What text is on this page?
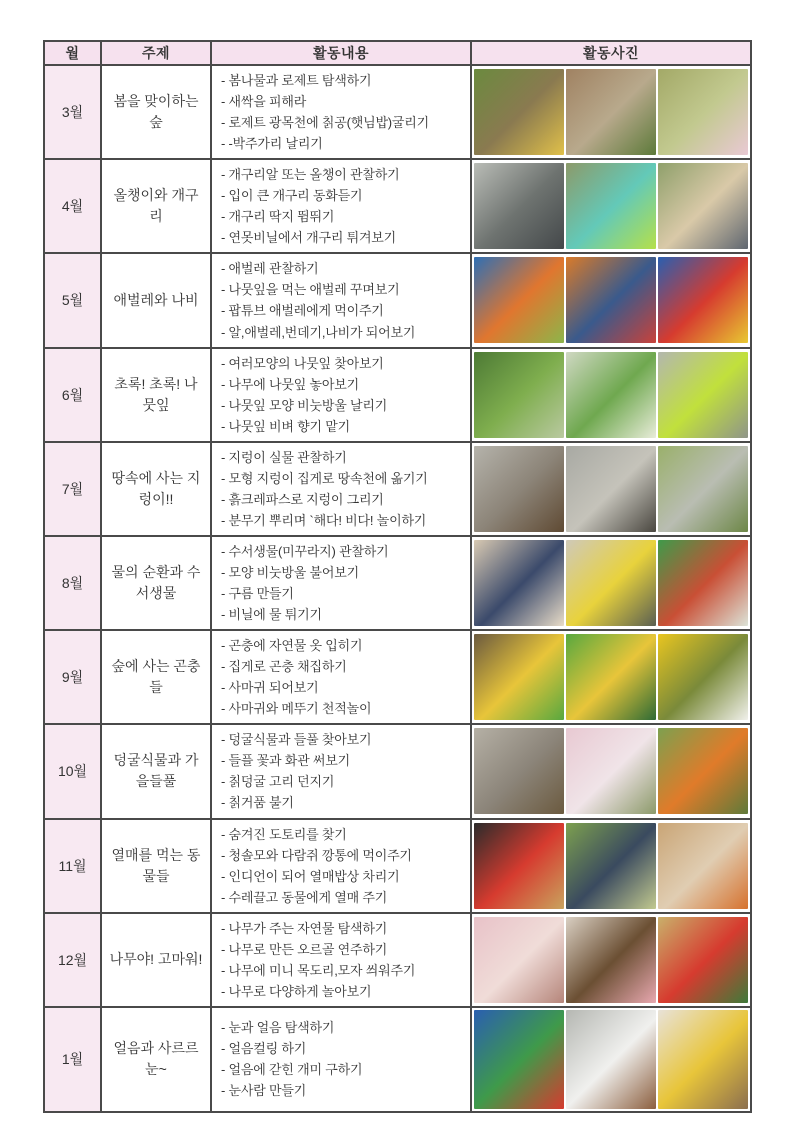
월	주제	활동내용	활동사진
3월	봄을 맞이하는 숲	
- 봄나물과 로제트 탐색하기
- 새싹을 피해라
- 로제트 광목천에 칡공(햇님밥)굴리기
- -박주가리 날리기

4월	올챙이와 개구리	
- 개구리알 또는 올챙이 관찰하기
- 입이 큰 개구리 동화듣기
- 개구리 딱지 뜀뛰기
- 연못비닐에서 개구리 튀겨보기

5월	애벌레와 나비	
- 애벌레 관찰하기
- 나뭇잎을 먹는 애벌레 꾸며보기
- 팝튜브 애벌레에게 먹이주기
- 알,애벌레,번데기,나비가 되어보기

6월	초록! 초록! 나뭇잎	
- 여러모양의 나뭇잎 찾아보기
- 나무에 나뭇잎 놓아보기
- 나뭇잎 모양 비눗방울 날리기
- 나뭇잎 비벼 향기 맡기

7월	땅속에 사는 지렁이!!	
- 지렁이 실물 관찰하기
- 모형 지렁이 집게로 땅속천에 옮기기
- 흙크레파스로 지렁이 그리기
- 분무기 뿌리며 `해다! 비다! 놀이하기

8월	물의 순환과 수서생물	
- 수서생물(미꾸라지) 관찰하기
- 모양 비눗방울 불어보기
- 구름 만들기
- 비닐에 물 튀기기

9월	숲에 사는 곤충들	
- 곤충에 자연물 옷 입히기
- 집게로 곤충 채집하기
- 사마귀 되어보기
- 사마귀와 메뚜기 천적놀이

10월	덩굴식물과 가을들풀	
- 덩굴식물과 들풀 찾아보기
- 들플 꽃과 화관 써보기
- 칡덩굴 고리 던지기
- 칡거품 불기

11월	열매를 먹는 동물들	
- 숨겨진 도토리를 찾기
- 청솔모와 다람쥐 깡통에 먹이주기
- 인디언이 되어 열매밥상 차리기
- 수레끌고 동물에게 열매 주기

12월	나무야! 고마워!	
- 나무가 주는 자연물 탐색하기
- 나무로 만든 오르골 연주하기
- 나무에 미니 목도리,모자 씌워주기
- 나무로 다양하게 놀아보기

1월	얼음과 사르르 눈~	
- 눈과 얼음 탐색하기
- 얼음컬링 하기
- 얼음에 갇힌 개미 구하기
- 눈사람 만들기
